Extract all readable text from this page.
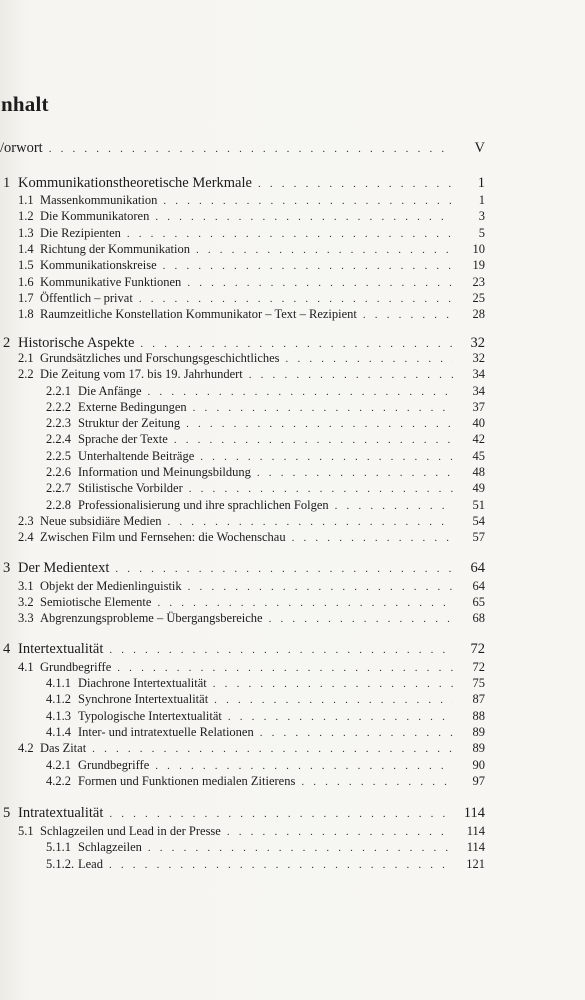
nhalt
/orwort . . .	V
1 Kommunikationstheoretische Merkmale . . .	1
1.1 Massenkommunikation . . .	1
1.2 Die Kommunikatoren . . .	3
1.3 Die Rezipienten . . .	5
1.4 Richtung der Kommunikation . . .	10
1.5 Kommunikationskreise . . .	19
1.6 Kommunikative Funktionen . . .	23
1.7 Öffentlich – privat . . .	25
1.8 Raumzeitliche Konstellation Kommunikator – Text – Rezipient . . .	28
2 Historische Aspekte . . .	32
2.1 Grundsätzliches und Forschungsgeschichtliches . . .	32
2.2 Die Zeitung vom 17. bis 19. Jahrhundert . . .	34
2.2.1 Die Anfänge . . .	34
2.2.2 Externe Bedingungen . . .	37
2.2.3 Struktur der Zeitung . . .	40
2.2.4 Sprache der Texte . . .	42
2.2.5 Unterhaltende Beiträge . . .	45
2.2.6 Information und Meinungsbildung . . .	48
2.2.7 Stilistische Vorbilder . . .	49
2.2.8 Professionalisierung und ihre sprachlichen Folgen . . .	51
2.3 Neue subsidiäre Medien . . .	54
2.4 Zwischen Film und Fernsehen: die Wochenschau . . .	57
3 Der Medientext . . .	64
3.1 Objekt der Medienlinguistik . . .	64
3.2 Semiotische Elemente . . .	65
3.3 Abgrenzungsprobleme – Übergangsbereiche . . .	68
4 Intertextualität . . .	72
4.1 Grundbegriffe . . .	72
4.1.1 Diachrone Intertextualität . . .	75
4.1.2 Synchrone Intertextualität . . .	87
4.1.3 Typologische Intertextualität . . .	88
4.1.4 Inter- und intratextuelle Relationen . . .	89
4.2 Das Zitat . . .	89
4.2.1 Grundbegriffe . . .	90
4.2.2 Formen und Funktionen medialen Zitierens . . .	97
5 Intratextualität . . .	114
5.1 Schlagzeilen und Lead in der Presse . . .	114
5.1.1 Schlagzeilen . . .	114
5.1.2. Lead . . .	121
